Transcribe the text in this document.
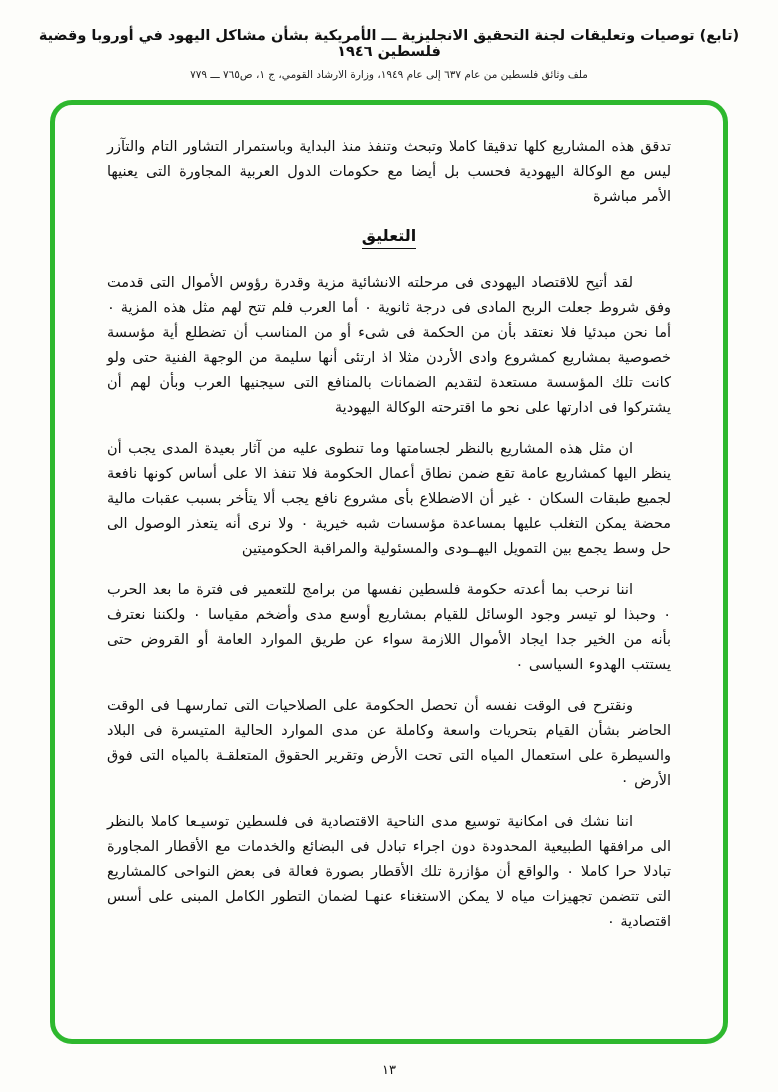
(تابع) توصيات وتعليقات لجنة التحقيق الانجليزية ـــ الأمريكية بشأن مشاكل اليهود في أوروبا وقضية فلسطين ١٩٤٦
ملف وثائق فلسطين من عام ٦٣٧ إلى عام ١٩٤٩، وزارة الارشاد القومي، ج ١، ص٧٦٥ ـــ ٧٧٩

تدقق هذه المشاريع كلها تدقيقا كاملا وتبحث وتنفذ منذ البداية وباستمرار التشاور التام والتآزر ليس مع الوكالة اليهودية فحسب بل أيضا مع حكومات الدول العربية المجاورة التى يعنيها الأمر مباشرة

التعليق

لقد أتيح للاقتصاد اليهودى فى مرحلته الانشائية مزية وقدرة رؤوس الأموال التى قدمت وفق شروط جعلت الربح المادى فى درجة ثانوية ٠ أما العرب فلم تتح لهم مثل هذه المزية ٠ أما نحن مبدئيا فلا نعتقد بأن من الحكمة فى شىء أو من المناسب أن تضطلع أية مؤسسة خصوصية بمشاريع كمشروع وادى الأردن مثلا اذ ارتئى أنها سليمة من الوجهة الفنية حتى ولو كانت تلك المؤسسة مستعدة لتقديم الضمانات بالمنافع التى سيجنيها العرب وبأن لهم أن يشتركوا فى ادارتها على نحو ما اقترحته الوكالة اليهودية

ان مثل هذه المشاريع بالنظر لجسامتها وما تنطوى عليه من آثار بعيدة المدى يجب أن ينظر اليها كمشاريع عامة تقع ضمن نطاق أعمال الحكومة فلا تنفذ الا على أساس كونها نافعة لجميع طبقات السكان ٠ غير أن الاضطلاع بأى مشروع نافع يجب ألا يتأخر بسبب عقبات مالية محضة يمكن التغلب عليها بمساعدة مؤسسات شبه خيرية ٠ ولا نرى أنه يتعذر الوصول الى حل وسط يجمع بين التمويل اليهــودى والمسئولية والمراقبة الحكوميتين

اننا نرحب بما أعدته حكومة فلسطين نفسها من برامج للتعمير فى فترة ما بعد الحرب ٠ وحبذا لو تيسر وجود الوسائل للقيام بمشاريع أوسع مدى وأضخم مقياسا ٠ ولكننا نعترف بأنه من الخير جدا ايجاد الأموال اللازمة سواء عن طريق الموارد العامة أو القروض حتى يستتب الهدوء السياسى ٠

ونقترح فى الوقت نفسه أن تحصل الحكومة على الصلاحيات التى تمارسهـا فى الوقت الحاضر بشأن القيام بتحريات واسعة وكاملة عن مدى الموارد الحالية المتيسرة فى البلاد والسيطرة على استعمال المياه التى تحت الأرض وتقرير الحقوق المتعلقـة بالمياه التى فوق الأرض ٠

اننا نشك فى امكانية توسيع مدى الناحية الاقتصادية فى فلسطين توسيـعا كاملا بالنظر الى مرافقها الطبيعية المحدودة دون اجراء تبادل فى البضائع والخدمات مع الأقطار المجاورة تبادلا حرا كاملا ٠ والواقع أن مؤازرة تلك الأقطار بصورة فعالة فى بعض النواحى كالمشاريع التى تتضمن تجهيزات مياه لا يمكن الاستغناء عنهـا لضمان التطور الكامل المبنى على أسس اقتصادية ٠

١٣
